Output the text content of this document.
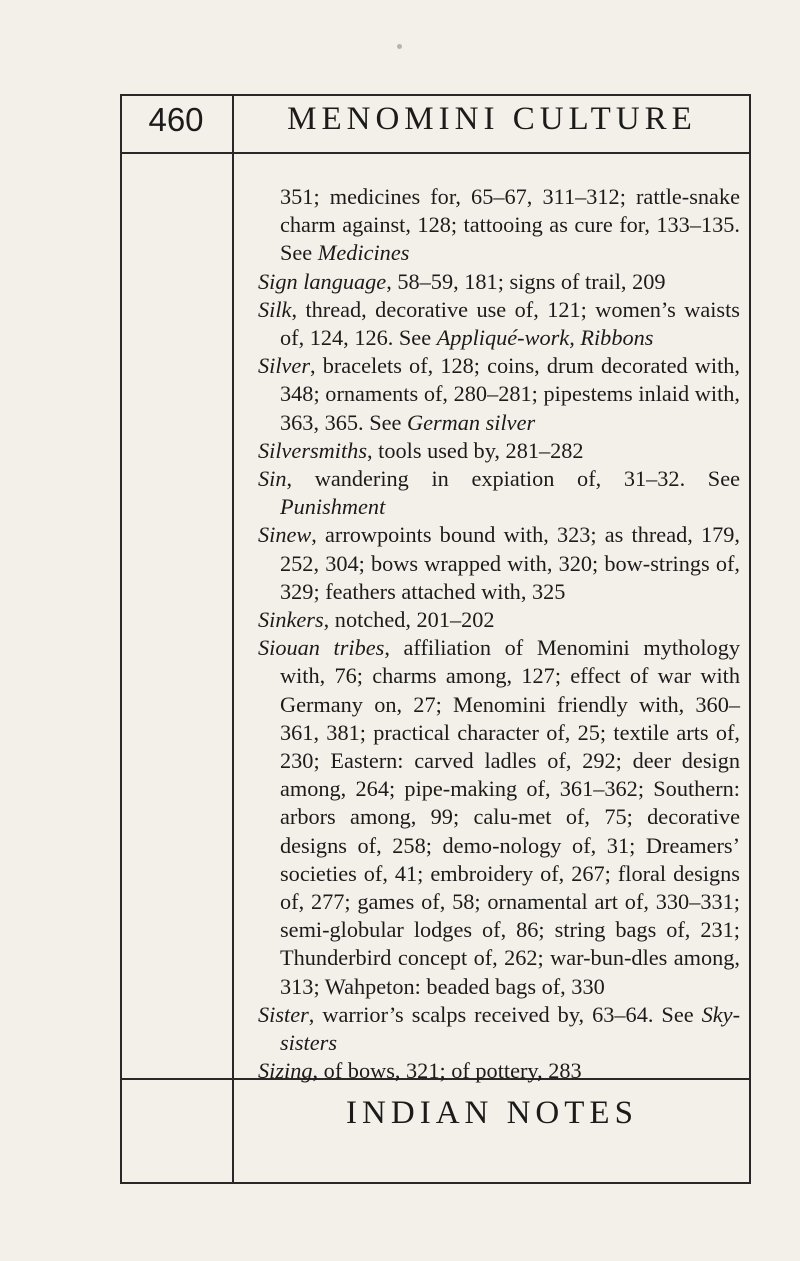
460	MENOMINI CULTURE

351; medicines for, 65–67, 311–312; rattle-snake charm against, 128; tattooing as cure for, 133–135. See Medicines

Sign language, 58–59, 181; signs of trail, 209

Silk, thread, decorative use of, 121; women’s waists of, 124, 126. See Appliqué-work, Ribbons

Silver, bracelets of, 128; coins, drum decorated with, 348; ornaments of, 280–281; pipestems inlaid with, 363, 365. See German silver

Silversmiths, tools used by, 281–282

Sin, wandering in expiation of, 31–32. See Punishment

Sinew, arrowpoints bound with, 323; as thread, 179, 252, 304; bows wrapped with, 320; bow-strings of, 329; feathers attached with, 325

Sinkers, notched, 201–202

Siouan tribes, affiliation of Menomini mythology with, 76; charms among, 127; effect of war with Germany on, 27; Menomini friendly with, 360–361, 381; practical character of, 25; textile arts of, 230; Eastern: carved ladles of, 292; deer design among, 264; pipe-making of, 361–362; Southern: arbors among, 99; calu-met of, 75; decorative designs of, 258; demo-nology of, 31; Dreamers’ societies of, 41; embroidery of, 267; floral designs of, 277; games of, 58; ornamental art of, 330–331; semi-globular lodges of, 86; string bags of, 231; Thunderbird concept of, 262; war-bun-dles among, 313; Wahpeton: beaded bags of, 330

Sister, warrior’s scalps received by, 63–64. See Sky-sisters

Sizing, of bows, 321; of pottery, 283

INDIAN NOTES
